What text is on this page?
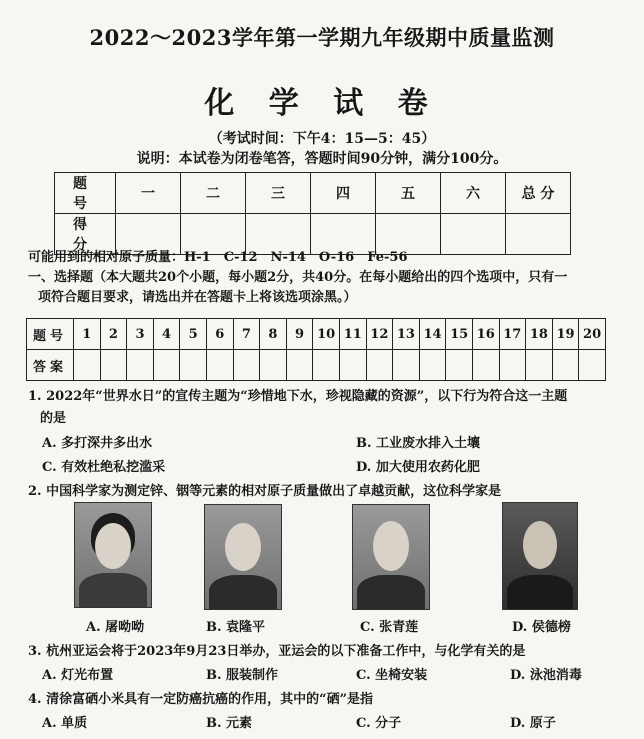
2022～2023学年第一学期九年级期中质量监测
化 学 试 卷
（考试时间：下午4：15—5：45）
说明：本试卷为闭卷笔答，答题时间90分钟，满分100分。
题 号	一	二	三	四	五	六	总 分
得 分							
可能用到的相对原子质量：H-1　C-12　N-14　O-16　Fe-56
一、选择题（本大题共20个小题，每小题2分，共40分。在每小题给出的四个选项中，只有一
项符合题目要求，请选出并在答题卡上将该选项涂黑。）
题号	1	2	3	4	5	6	7	8	9	10	11	12	13	14	15	16	17	18	19	20
答案																				
1. 2022年“世界水日”的宣传主题为“珍惜地下水，珍视隐藏的资源”，以下行为符合这一主题
的是
A. 多打深井多出水	B. 工业废水排入土壤
C. 有效杜绝私挖滥采	D. 加大使用农药化肥
2. 中国科学家为测定锌、铟等元素的相对原子质量做出了卓越贡献，这位科学家是
A. 屠呦呦	B. 袁隆平	C. 张青莲	D. 侯德榜
3. 杭州亚运会将于2023年9月23日举办，亚运会的以下准备工作中，与化学有关的是
A. 灯光布置	B. 服装制作	C. 坐椅安装	D. 泳池消毒
4. 清徐富硒小米具有一定防癌抗癌的作用，其中的“硒”是指
A. 单质	B. 元素	C. 分子	D. 原子
